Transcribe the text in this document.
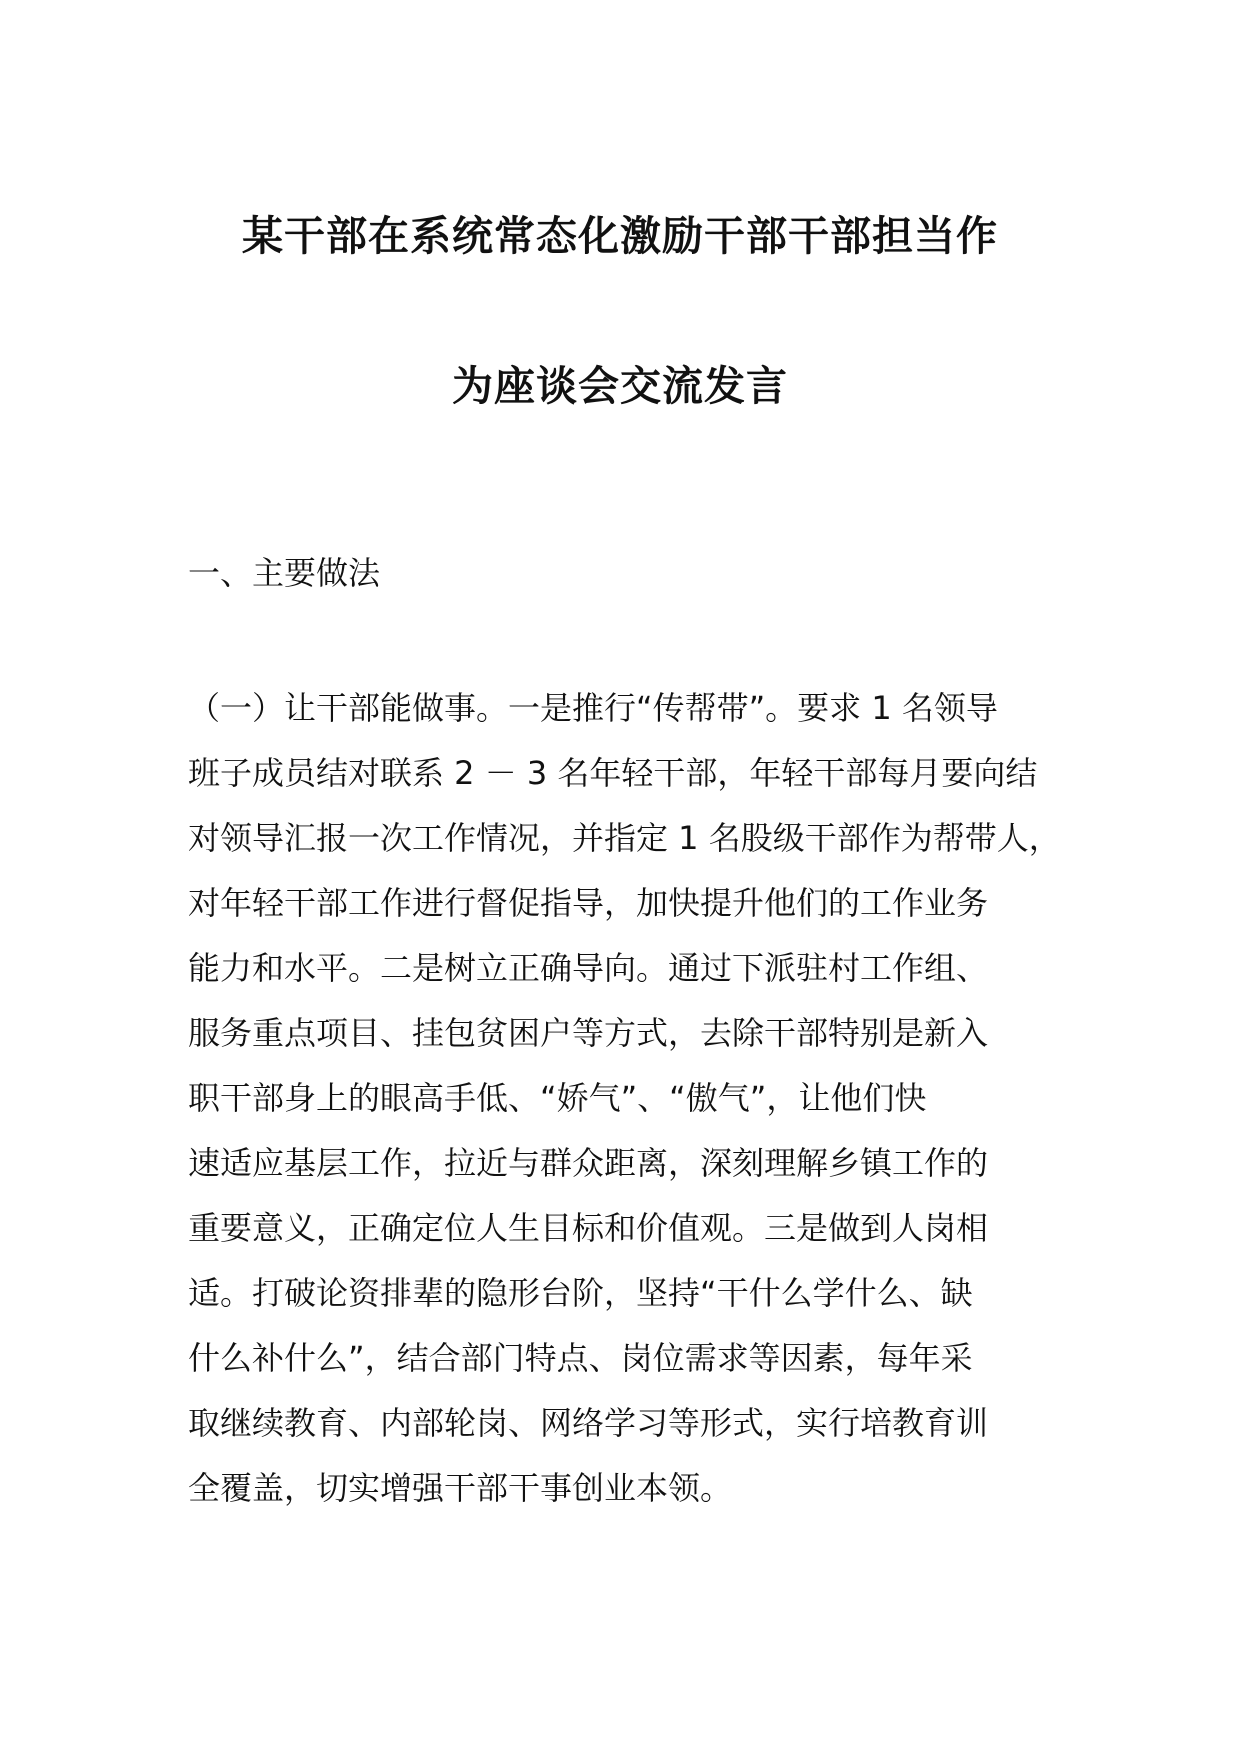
某干部在系统常态化激励干部干部担当作
为座谈会交流发言
一、主要做法
（一）让干部能做事。一是推行“传帮带”。要求 1 名领导
班子成员结对联系 2 － 3 名年轻干部，年轻干部每月要向结
对领导汇报一次工作情况，并指定 1 名股级干部作为帮带人，
对年轻干部工作进行督促指导，加快提升他们的工作业务
能力和水平。二是树立正确导向。通过下派驻村工作组、
服务重点项目、挂包贫困户等方式，去除干部特别是新入
职干部身上的眼高手低、“娇气”、“傲气”，让他们快
速适应基层工作，拉近与群众距离，深刻理解乡镇工作的
重要意义，正确定位人生目标和价值观。三是做到人岗相
适。打破论资排辈的隐形台阶，坚持“干什么学什么、缺
什么补什么”，结合部门特点、岗位需求等因素，每年采
取继续教育、内部轮岗、网络学习等形式，实行培教育训
全覆盖，切实增强干部干事创业本领。
